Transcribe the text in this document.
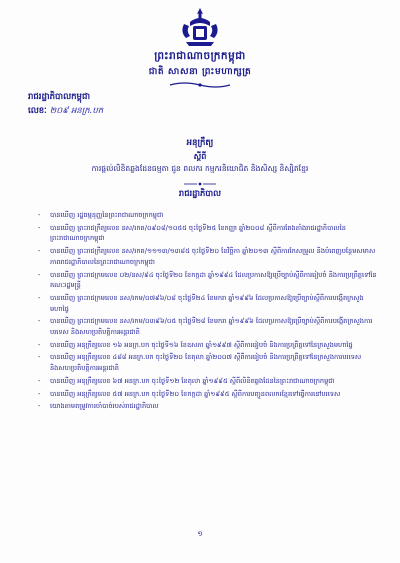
ព្រះរាជាណាចក្រកម្ពុជា
ជាតិ សាសនា ព្រះមហាក្សត្រ
រាជរដ្ឋាភិបាលកម្ពុជា
លេខៈ ២០៩ អនក្រ.បក
អនុក្រឹត្យ
ស្តីពី
ការផ្តល់លិខិតឆ្លងដែនធម្មតា ជូន ពលករ កម្មករនិយោជិត និងសិស្ស និស្សិតខ្មែរ
រាជរដ្ឋាភិបាល
- បានឃើញ រដ្ឋធម្មនុញ្ញនៃព្រះរាជាណាចក្រកម្ពុជា
- បានឃើញ ព្រះរាជក្រឹត្យលេខ នស/រកត/០៩០៨/១០៥៥ ចុះថ្ងៃទី២៥ ខែកញ្ញា ឆ្នាំ២០០៨ ស្តីពីការតែងតាំងរាជរដ្ឋាភិបាលនៃព្រះរាជាណាចក្រកម្ពុជា
- បានឃើញ ព្រះរាជក្រឹត្យលេខ នស/រកត/១១១៣/១៣៨៥ ចុះថ្ងៃទី២០ ខែវិច្ឆិកា ឆ្នាំ២០១៣ ស្តីពីការកែសម្រួល និងបំពេញបន្ថែមសមាសភាពរាជរដ្ឋាភិបាលនៃព្រះរាជាណាចក្រកម្ពុជា
- បានឃើញ ព្រះរាជក្រមលេខ ០២/នស/៩៤ ចុះថ្ងៃទី២០ ខែកក្កដា ឆ្នាំ១៩៩៤ ដែលប្រកាសឱ្យប្រើច្បាប់ស្តីពីការរៀបចំ និងការប្រព្រឹត្តទៅនៃគណៈរដ្ឋមន្ត្រី
- បានឃើញ ព្រះរាជក្រមលេខ នស/រកម/០៧៩៦/០៨ ចុះថ្ងៃទី២៤ ខែមករា ឆ្នាំ១៩៩៦ ដែលប្រកាសឱ្យប្រើច្បាប់ស្តីពីការបង្កើតក្រសួងមហាផ្ទៃ
- បានឃើញ ព្រះរាជក្រមលេខ នស/រកម/០៣៩៦/០៥ ចុះថ្ងៃទី២៨ ខែមករា ឆ្នាំ១៩៩៦ ដែលប្រកាសឱ្យប្រើច្បាប់ស្តីពីការបង្កើតក្រសួងការបរទេស និងសហប្រតិបត្តិការអន្តរជាតិ
- បានឃើញ អនុក្រឹត្យលេខ ១៦ អនក្រ.បក ចុះថ្ងៃទី១៦ ខែឧសភា ឆ្នាំ១៩៩៧ ស្តីពីការរៀបចំ និងការប្រព្រឹត្តទៅនៃក្រសួងមហាផ្ទៃ
- បានឃើញ អនុក្រឹត្យលេខ ៤៨៨ អនក្រ.បក ចុះថ្ងៃទី២០ ខែតុលា ឆ្នាំ២០០៧ ស្តីពីការរៀបចំ និងការប្រព្រឹត្តទៅនៃក្រសួងការបរទេស និងសហប្រតិបត្តិការអន្តរជាតិ
- បានឃើញ អនុក្រឹត្យលេខ ៦៧ អនក្រ.បក ចុះថ្ងៃទី១២ ខែតុលា ឆ្នាំ១៩៩៥ ស្តីពីលិខិតឆ្លងដែននៃព្រះរាជាណាចក្រកម្ពុជា
- បានឃើញ អនុក្រឹត្យលេខ ៥៧ អនក្រ.បក ចុះថ្ងៃទី២០ ខែកក្កដា ឆ្នាំ១៩៩៥ ស្តីពីការបញ្ជូនពលករខ្មែរទៅធ្វើការនៅបរទេស
- យោងតាមតម្រូវការចាំបាច់របស់រាជរដ្ឋាភិបាល
១
